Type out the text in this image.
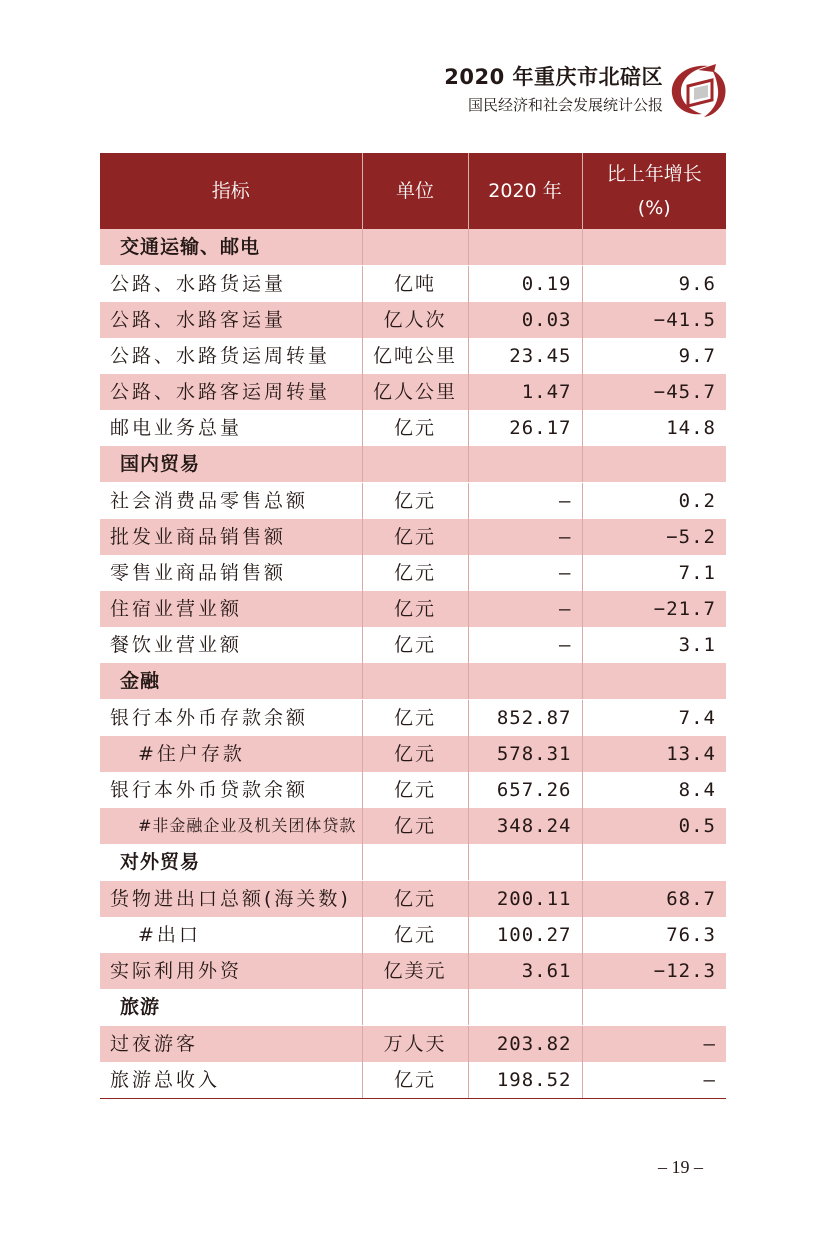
2020 年重庆市北碚区
国民经济和社会发展统计公报
指标	单位	2020 年	比上年增长
(%)

交通运输、邮电			
公路、水路货运量	亿吨	0.19	9.6
公路、水路客运量	亿人次	0.03	−41.5
公路、水路货运周转量	亿吨公里	23.45	9.7
公路、水路客运周转量	亿人公里	1.47	−45.7
邮电业务总量	亿元	26.17	14.8
国内贸易			
社会消费品零售总额	亿元	—	0.2
批发业商品销售额	亿元	—	−5.2
零售业商品销售额	亿元	—	7.1
住宿业营业额	亿元	—	−21.7
餐饮业营业额	亿元	—	3.1
金融			
银行本外币存款余额	亿元	852.87	7.4
#住户存款	亿元	578.31	13.4
银行本外币贷款余额	亿元	657.26	8.4
#非金融企业及机关团体贷款	亿元	348.24	0.5
对外贸易			
货物进出口总额(海关数)	亿元	200.11	68.7
#出口	亿元	100.27	76.3
实际利用外资	亿美元	3.61	−12.3
旅游			
过夜游客	万人天	203.82	—
旅游总收入	亿元	198.52	—
– 19 –
